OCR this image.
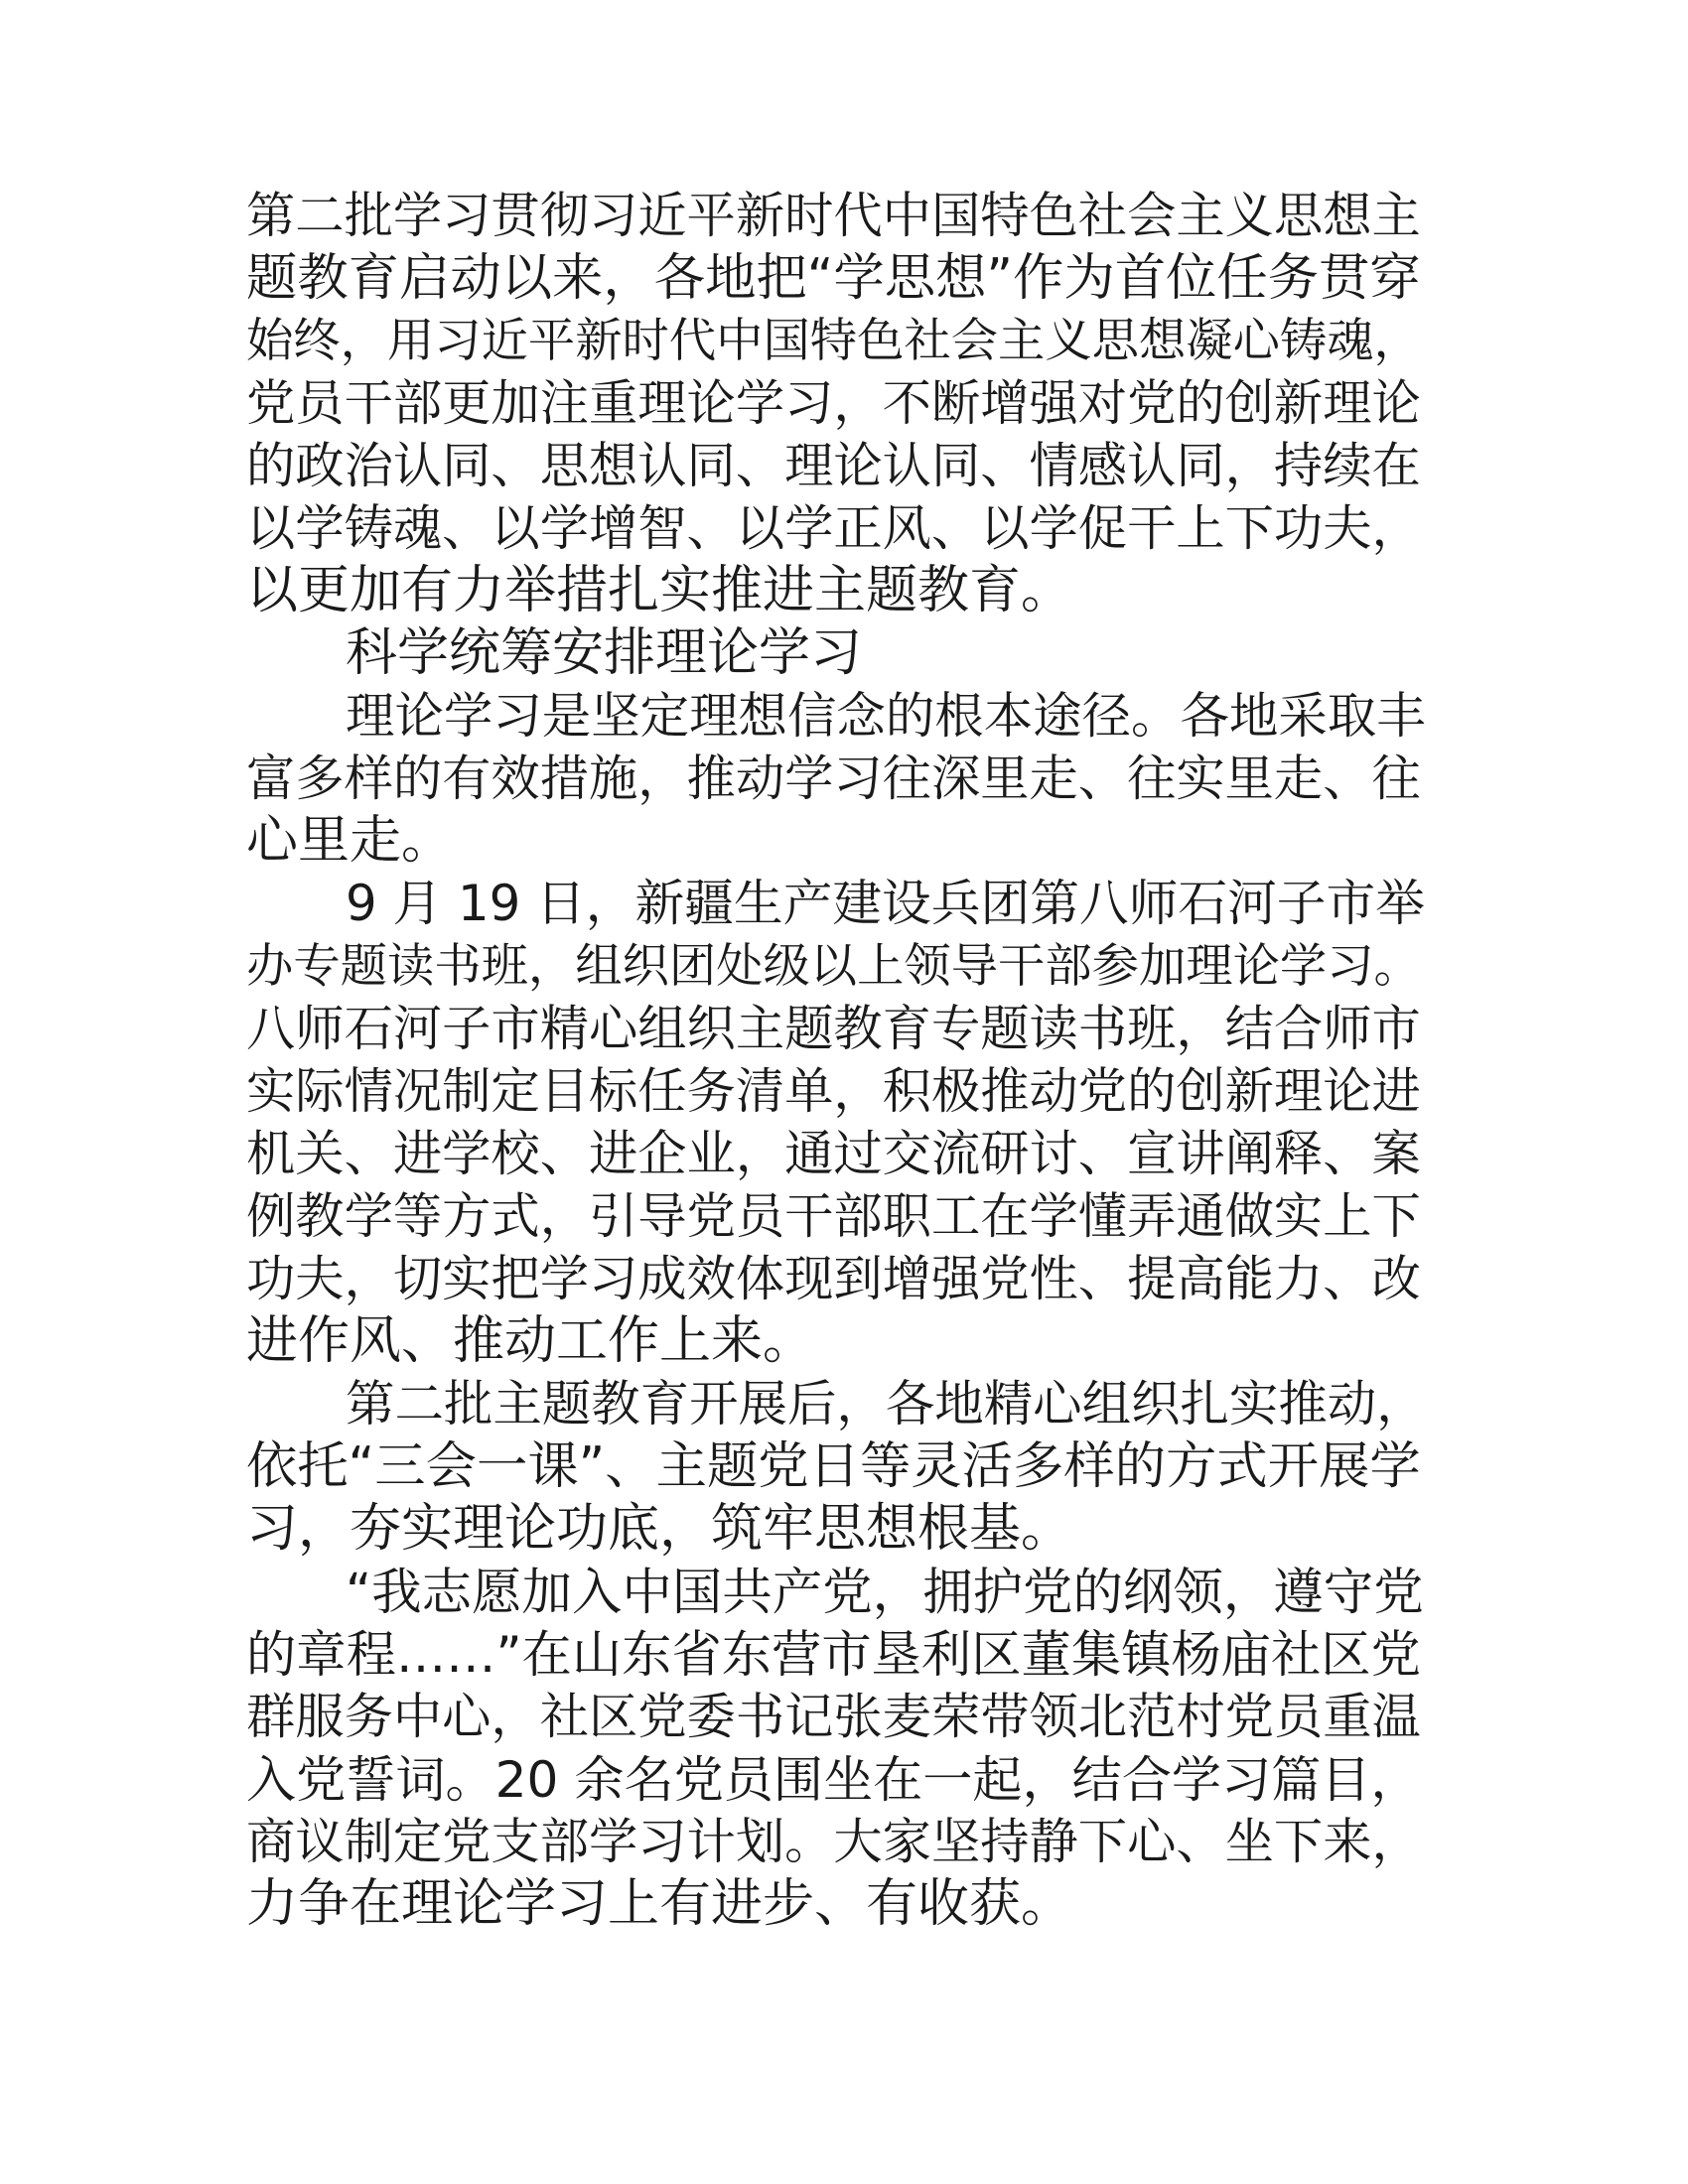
第二批学习贯彻习近平新时代中国特色社会主义思想主
题教育启动以来，各地把“学思想”作为首位任务贯穿
始终，用习近平新时代中国特色社会主义思想凝心铸魂，
党员干部更加注重理论学习，不断增强对党的创新理论
的政治认同、思想认同、理论认同、情感认同，持续在
以学铸魂、以学增智、以学正风、以学促干上下功夫，
以更加有力举措扎实推进主题教育。
科学统筹安排理论学习
理论学习是坚定理想信念的根本途径。各地采取丰
富多样的有效措施，推动学习往深里走、往实里走、往
心里走。
9 月 19 日，新疆生产建设兵团第八师石河子市举
办专题读书班，组织团处级以上领导干部参加理论学习。
八师石河子市精心组织主题教育专题读书班，结合师市
实际情况制定目标任务清单，积极推动党的创新理论进
机关、进学校、进企业，通过交流研讨、宣讲阐释、案
例教学等方式，引导党员干部职工在学懂弄通做实上下
功夫，切实把学习成效体现到增强党性、提高能力、改
进作风、推动工作上来。
第二批主题教育开展后，各地精心组织扎实推动，
依托“三会一课”、主题党日等灵活多样的方式开展学
习，夯实理论功底，筑牢思想根基。
“我志愿加入中国共产党，拥护党的纲领，遵守党
的章程……”在山东省东营市垦利区董集镇杨庙社区党
群服务中心，社区党委书记张麦荣带领北范村党员重温
入党誓词。20 余名党员围坐在一起，结合学习篇目，
商议制定党支部学习计划。大家坚持静下心、坐下来，
力争在理论学习上有进步、有收获。
